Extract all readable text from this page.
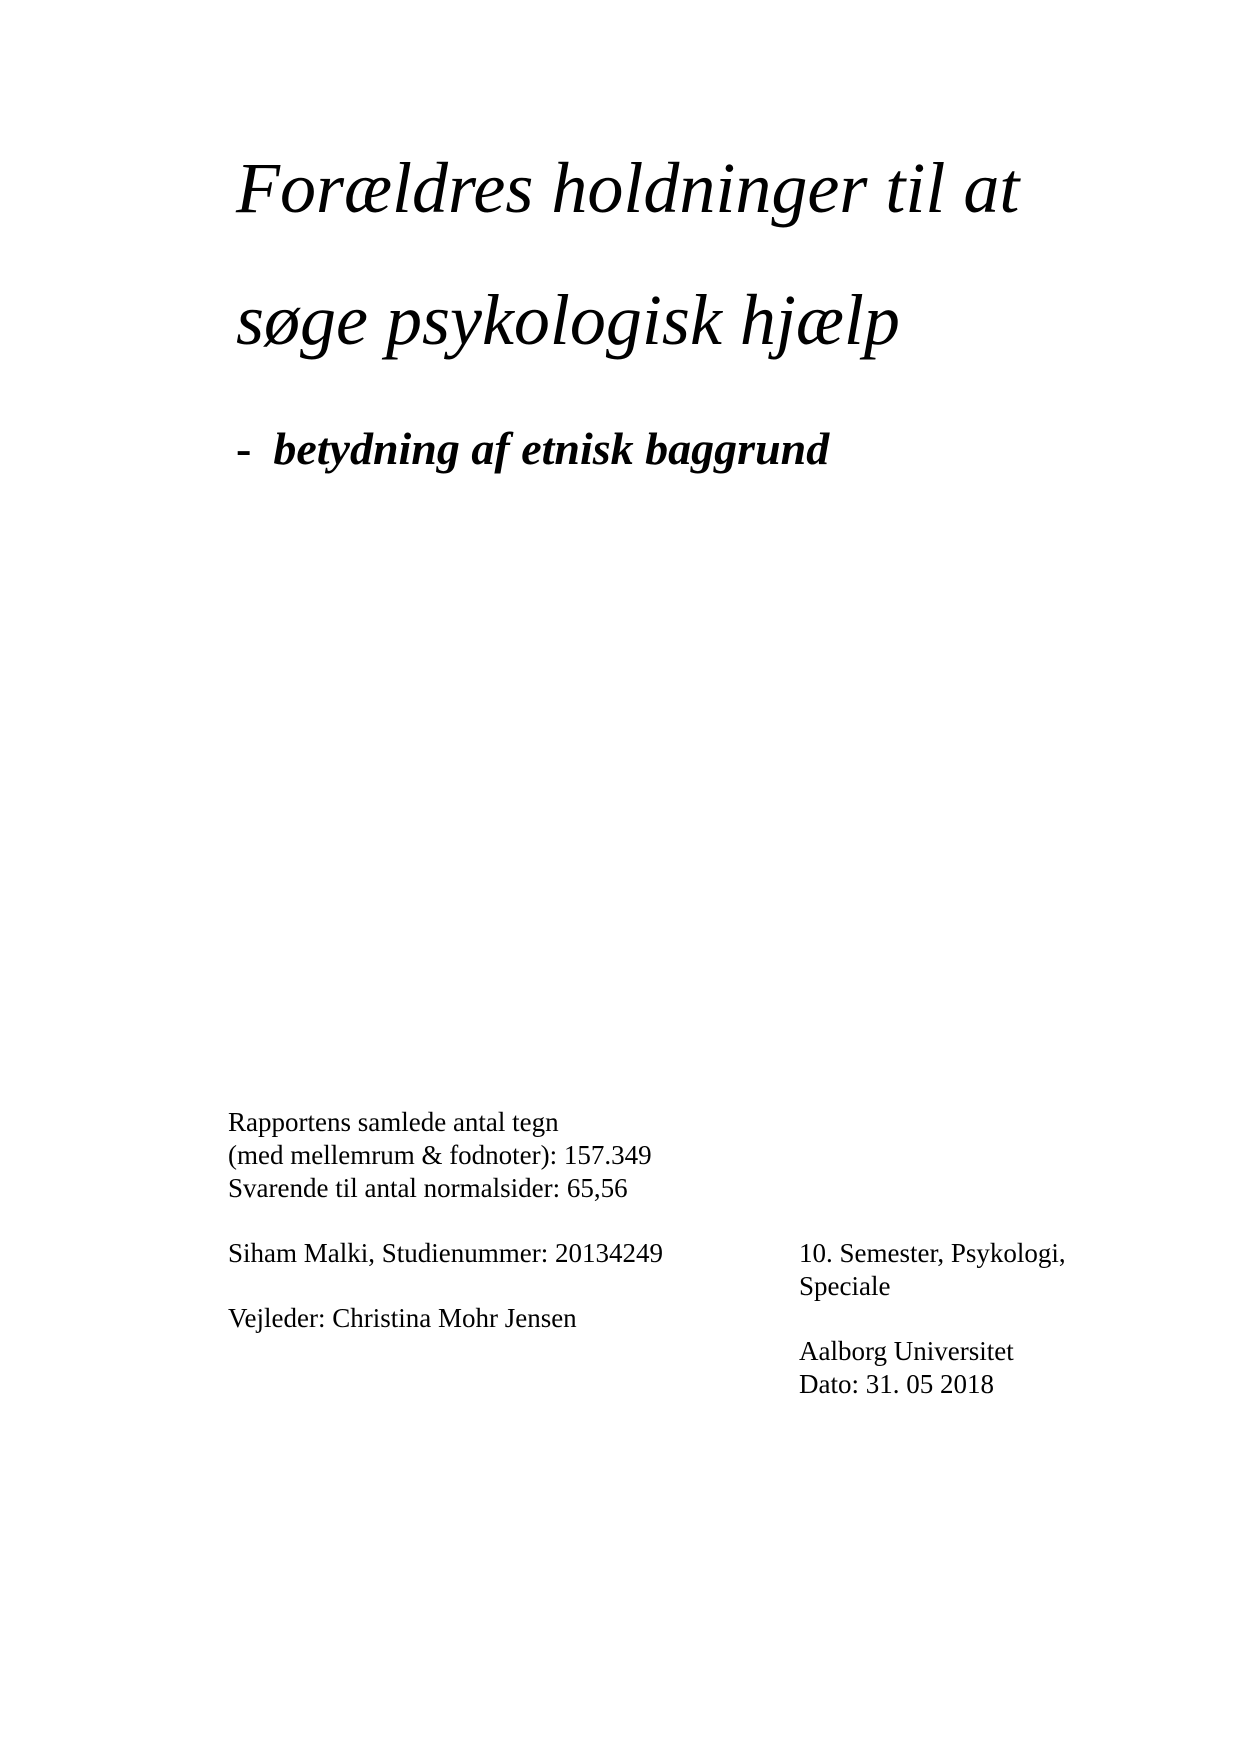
Forældres holdninger til at
søge psykologisk hjælp
- betydning af etnisk baggrund
Rapportens samlede antal tegn
(med mellemrum & fodnoter): 157.349
Svarende til antal normalsider: 65,56
Siham Malki, Studienummer: 20134249
Vejleder: Christina Mohr Jensen
10. Semester, Psykologi,
Speciale
Aalborg Universitet
Dato: 31. 05 2018
